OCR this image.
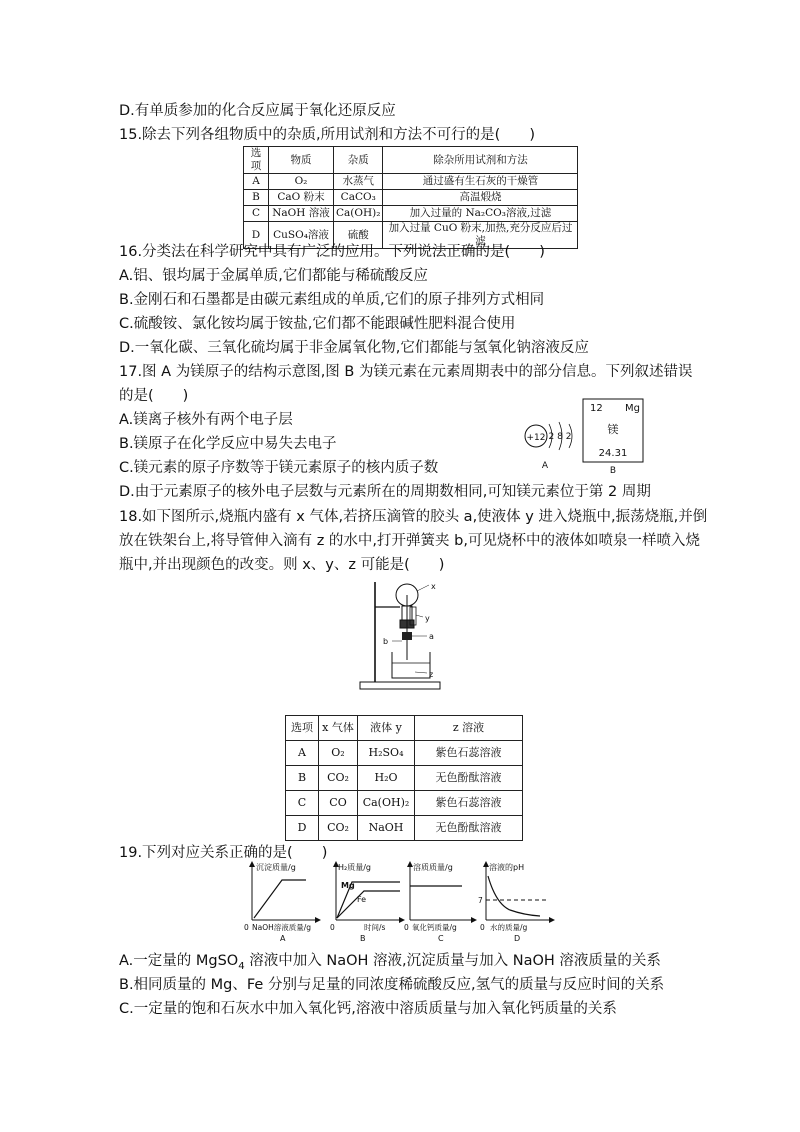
D.有单质参加的化合反应属于氧化还原反应
15.除去下列各组物质中的杂质,所用试剂和方法不可行的是(　　)
选项	物质	杂质	除杂所用试剂和方法
A	O₂	水蒸气	通过盛有生石灰的干燥管
B	CaO 粉末	CaCO₃	高温煅烧
C	NaOH 溶液	Ca(OH)₂	加入过量的 Na₂CO₃溶液,过滤
D	CuSO₄溶液	硫酸	加入过量 CuO 粉末,加热,充分反应后过滤
16.分类法在科学研究中具有广泛的应用。下列说法正确的是(　　)
A.铝、银均属于金属单质,它们都能与稀硫酸反应
B.金刚石和石墨都是由碳元素组成的单质,它们的原子排列方式相同
C.硫酸铵、氯化铵均属于铵盐,它们都不能跟碱性肥料混合使用
D.一氧化碳、三氧化硫均属于非金属氧化物,它们都能与氢氧化钠溶液反应
17.图 A 为镁原子的结构示意图,图 B 为镁元素在元素周期表中的部分信息。下列叙述错误
的是(　　)
A.镁离子核外有两个电子层
B.镁原子在化学反应中易失去电子
C.镁元素的原子序数等于镁元素原子的核内质子数
D.由于元素原子的核外电子层数与元素所在的周期数相同,可知镁元素位于第 2 周期
+12 2 8 2
A
12 Mg
镁
24.31
B
18.如下图所示,烧瓶内盛有 x 气体,若挤压滴管的胶头 a,使液体 y 进入烧瓶中,振荡烧瓶,并倒
放在铁架台上,将导管伸入滴有 z 的水中,打开弹簧夹 b,可见烧杯中的液体如喷泉一样喷入烧
瓶中,并出现颜色的改变。则 x、y、z 可能是(　　)
x
y
a
b
z
选项	x 气体	液体 y	z 溶液
A	O₂	H₂SO₄	紫色石蕊溶液
B	CO₂	H₂O	无色酚酞溶液
C	CO	Ca(OH)₂	紫色石蕊溶液
D	CO₂	NaOH	无色酚酞溶液
19.下列对应关系正确的是(　　)
沉淀质量/g
0 NaOH溶液质量/g
A
H₂质量/g
Mg
Fe
0	时间/s
B
溶质质量/g
0 氧化钙质量/g
C
溶液的pH
7
0 水的质量/g
D
A.一定量的 MgSO$_4$ 溶液中加入 NaOH 溶液,沉淀质量与加入 NaOH 溶液质量的关系
B.相同质量的 Mg、Fe 分别与足量的同浓度稀硫酸反应,氢气的质量与反应时间的关系
C.一定量的饱和石灰水中加入氧化钙,溶液中溶质质量与加入氧化钙质量的关系
